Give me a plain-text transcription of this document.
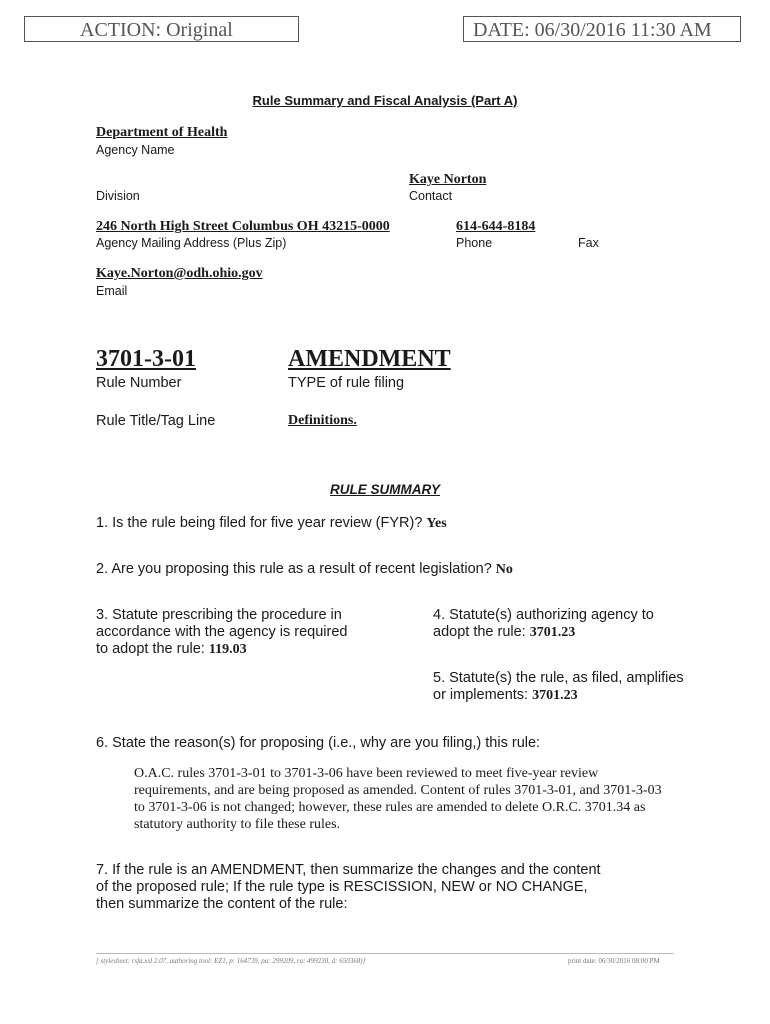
ACTION: Original	DATE: 06/30/2016 11:30 AM
Rule Summary and Fiscal Analysis (Part A)
Department of Health
Agency Name
Kaye Norton
Division	Contact
246 North High Street Columbus OH 43215-0000	614-644-8184
Agency Mailing Address (Plus Zip)	Phone	Fax
Kaye.Norton@odh.ohio.gov
Email
3701-3-01	AMENDMENT
Rule Number	TYPE of rule filing
Rule Title/Tag Line	Definitions.
RULE SUMMARY
1. Is the rule being filed for five year review (FYR)? Yes
2. Are you proposing this rule as a result of recent legislation? No
3. Statute prescribing the procedure in
accordance with the agency is required
to adopt the rule: 119.03
4. Statute(s) authorizing agency to
adopt the rule: 3701.23
5. Statute(s) the rule, as filed, amplifies
or implements: 3701.23
6. State the reason(s) for proposing (i.e., why are you filing,) this rule:
O.A.C. rules 3701-3-01 to 3701-3-06 have been reviewed to meet five-year review requirements, and are being proposed as amended. Content of rules 3701-3-01, and 3701-3-03 to 3701-3-06 is not changed; however, these rules are amended to delete O.R.C. 3701.34 as statutory authority to file these rules.
7. If the rule is an AMENDMENT, then summarize the changes and the content
of the proposed rule; If the rule type is RESCISSION, NEW or NO CHANGE,
then summarize the content of the rule:
[ stylesheet: rsfa.xsl 2.07, authoring tool: EZ1, p: 164739, pa: 299209, ra: 499230, d: 650368)]	print date: 06/30/2016 08:00 PM
